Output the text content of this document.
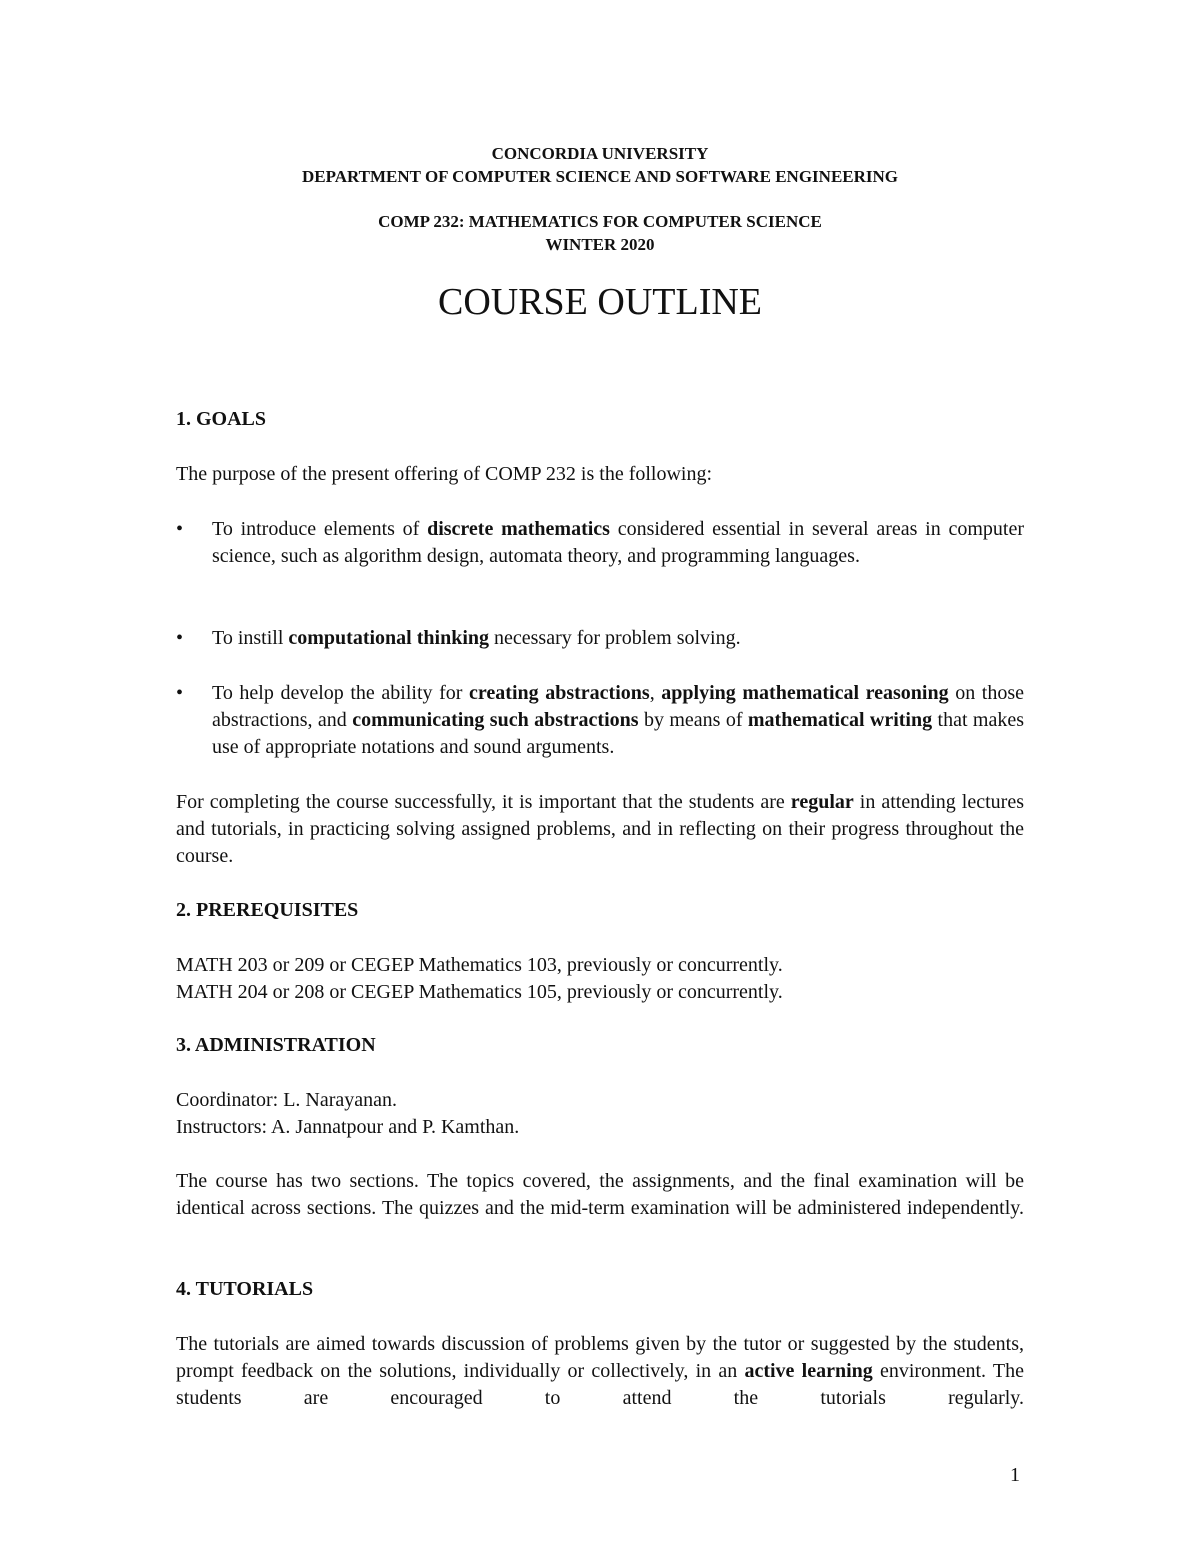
CONCORDIA UNIVERSITY
DEPARTMENT OF COMPUTER SCIENCE AND SOFTWARE ENGINEERING
COMP 232: MATHEMATICS FOR COMPUTER SCIENCE
WINTER 2020
COURSE OUTLINE
1. GOALS
The purpose of the present offering of COMP 232 is the following:
•	To introduce elements of discrete mathematics considered essential in several areas in computer science, such as algorithm design, automata theory, and programming languages.
•	To instill computational thinking necessary for problem solving.
•	To help develop the ability for creating abstractions, applying mathematical reasoning on those abstractions, and communicating such abstractions by means of mathematical writing that makes use of appropriate notations and sound arguments.
For completing the course successfully, it is important that the students are regular in attending lectures and tutorials, in practicing solving assigned problems, and in reflecting on their progress throughout the course.
2. PREREQUISITES
MATH 203 or 209 or CEGEP Mathematics 103, previously or concurrently.
MATH 204 or 208 or CEGEP Mathematics 105, previously or concurrently.
3. ADMINISTRATION
Coordinator: L. Narayanan.
Instructors: A. Jannatpour and P. Kamthan.
The course has two sections. The topics covered, the assignments, and the final examination will be identical across sections. The quizzes and the mid-term examination will be administered independently.
4. TUTORIALS
The tutorials are aimed towards discussion of problems given by the tutor or suggested by the students, prompt feedback on the solutions, individually or collectively, in an active learning environment. The students are encouraged to attend the tutorials regularly.
1
